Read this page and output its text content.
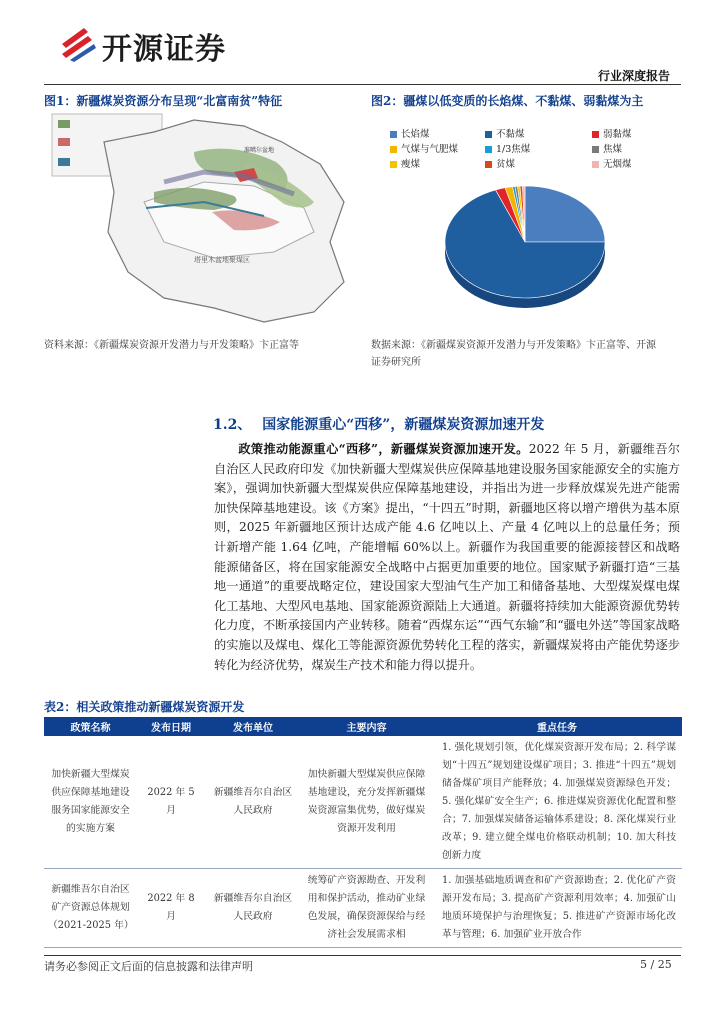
开源证券
行业深度报告
图1：新疆煤炭资源分布呈现“北富南贫”特征
塔里木盆地聚煤区
准噶尔盆地
资料来源：《新疆煤炭资源开发潜力与开发策略》卞正富等
图2：疆煤以低变质的长焰煤、不黏煤、弱黏煤为主
长焰煤	不黏煤	弱黏煤
气煤与气肥煤	1/3焦煤	焦煤
瘦煤	贫煤	无烟煤
数据来源：《新疆煤炭资源开发潜力与开发策略》卞正富等、开源
证券研究所
1.2、 国家能源重心“西移”，新疆煤炭资源加速开发
政策推动能源重心“西移”，新疆煤炭资源加速开发。2022 年 5 月，新疆维吾尔自治区人民政府印发《加快新疆大型煤炭供应保障基地建设服务国家能源安全的实施方案》，强调加快新疆大型煤炭供应保障基地建设，并指出为进一步释放煤炭先进产能需加快保障基地建设。该《方案》提出，“十四五”时期，新疆地区将以增产增供为基本原则，2025 年新疆地区预计达成产能 4.6 亿吨以上、产量 4 亿吨以上的总量任务；预计新增产能 1.64 亿吨，产能增幅 60%以上。新疆作为我国重要的能源接替区和战略能源储备区，将在国家能源安全战略中占据更加重要的地位。国家赋予新疆打造“三基地一通道”的重要战略定位，建设国家大型油气生产加工和储备基地、大型煤炭煤电煤化工基地、大型风电基地、国家能源资源陆上大通道。新疆将持续加大能源资源优势转化力度，不断承接国内产业转移。随着“西煤东运”“西气东输”和“疆电外送”等国家战略的实施以及煤电、煤化工等能源资源优势转化工程的落实，新疆煤炭将由产能优势逐步转化为经济优势，煤炭生产技术和能力得以提升。
表2：相关政策推动新疆煤炭资源开发
政策名称	发布日期	发布单位	主要内容	重点任务
加快新疆大型煤炭供应保障基地建设服务国家能源安全的实施方案	2022 年 5 月	新疆维吾尔自治区人民政府	加快新疆大型煤炭供应保障基地建设，充分发挥新疆煤炭资源富集优势，做好煤炭资源开发利用	1. 强化规划引领，优化煤炭资源开发布局；2. 科学谋划“十四五”规划建设煤矿项目；3. 推进“十四五”规划储备煤矿项目产能释放；4. 加强煤炭资源绿色开发；5. 强化煤矿安全生产；6. 推进煤炭资源优化配置和整合；7. 加强煤炭储备运输体系建设；8. 深化煤炭行业改革；9. 建立健全煤电价格联动机制；10. 加大科技创新力度
新疆维吾尔自治区矿产资源总体规划（2021-2025 年）	2022 年 8 月	新疆维吾尔自治区人民政府	统筹矿产资源勘查、开发利用和保护活动，推动矿业绿色发展，确保资源保给与经济社会发展需求相	1. 加强基础地质调查和矿产资源勘查；2. 优化矿产资源开发布局；3. 提高矿产资源利用效率；4. 加强矿山地质环境保护与治理恢复；5. 推进矿产资源市场化改革与管理；6. 加强矿业开放合作
请务必参阅正文后面的信息披露和法律声明	5 / 25
